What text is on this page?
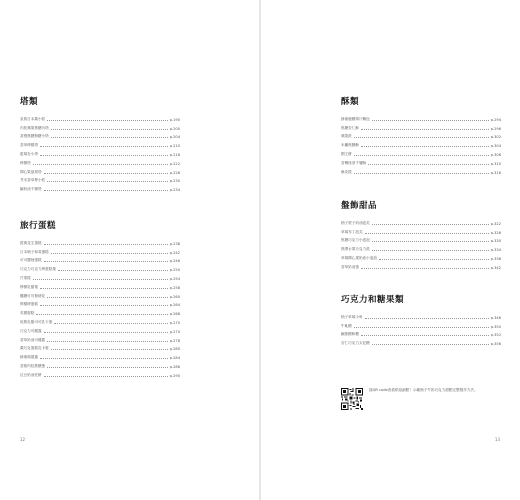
塔類
皇族日本栗小派	p.190
肉桂蘋果焦糖內塔	p.200
香橙焦糖無糖小塔	p.204
香草檸檬塔	p.210
藍莓杏小塔	p.216
檸檬塔	p.222
開心果風梨塔	p.226
芥末香草檸小派	p.230
鹹奶油千層塔	p.234
旅行蛋糕
經典花生蛋糕	p.238
日本柚子和黃蛋糕	p.242
可可醬柚蛋糕	p.246
巧克力巧克力烤蛋糕捲	p.250
芹果捲	p.254
檸檬乳酪捲	p.258
楓糖可可餐磅花	p.260
檸檬磅蛋糕	p.264
英國蛋糕	p.268
低筋乳酪可可乳卡蛋	p.270
巧克力可麗露	p.274
香草奶油可麗露	p.278
栗巧克蛋糕乳卡蛋	p.280
蜂蜜瑪德蓮	p.284
香蕉肉桂焦糖蛋	p.288
紅豆奶油佐餅	p.290
12
酥類
蜂蜜鹿糖薄片麵包	p.294
焦糖杏仁酥	p.296
蘋果派	p.302
米蘭焦糖酥	p.304
國王餅	p.306
香檳抹茶千層酥	p.310
酥皮捲	p.316
盤飾甜品
柚子蒙子奶油泡芙	p.322
草莓布丁泡芙	p.326
焦糖巧克力小泡泡	p.330
熱帶水果巧克力派	p.334
草莓開心果奶油小泡泡	p.338
香草奶油蛋	p.342
巧克力和糖果類
柚子草莓小角	p.346
牛軋糖	p.350
鹹焦糖軟糖	p.352
杏仁巧克力太妃糖	p.356
掃QR code查看烘焙細點！示範柚子牛奶巧克力甜點完整製作方法。
13
